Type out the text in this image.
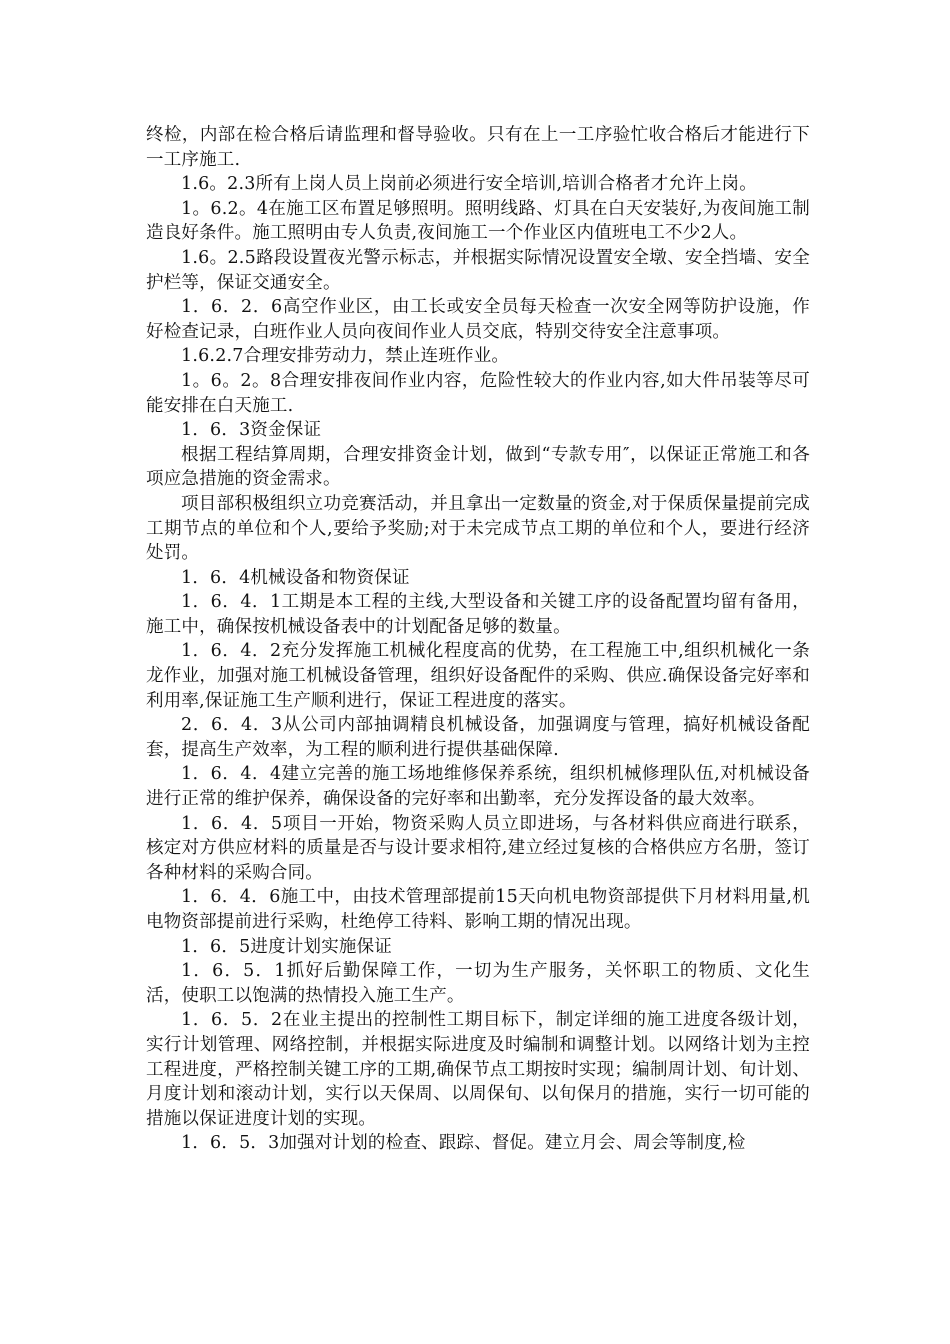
终检，内部在检合格后请监理和督导验收。只有在上一工序验忙收合格后才能进行下一工序施工.

1.6。2.3所有上岗人员上岗前必须进行安全培训,培训合格者才允许上岗。

1。6.2。4在施工区布置足够照明。照明线路、灯具在白天安装好,为夜间施工制造良好条件。施工照明由专人负责,夜间施工一个作业区内值班电工不少2人。

1.6。2.5路段设置夜光警示标志，并根据实际情况设置安全墩、安全挡墙、安全护栏等，保证交通安全。

1．6．2．6高空作业区，由工长或安全员每天检查一次安全网等防护设施，作好检查记录，白班作业人员向夜间作业人员交底，特别交待安全注意事项。

1.6.2.7合理安排劳动力，禁止连班作业。

1。6。2。8合理安排夜间作业内容，危险性较大的作业内容,如大件吊装等尽可能安排在白天施工.

1．6．3资金保证

根据工程结算周期，合理安排资金计划，做到“专款专用″，以保证正常施工和各项应急措施的资金需求。

项目部积极组织立功竞赛活动，并且拿出一定数量的资金,对于保质保量提前完成工期节点的单位和个人,要给予奖励;对于未完成节点工期的单位和个人，要进行经济处罚。

1．6．4机械设备和物资保证

1．6．4．1工期是本工程的主线,大型设备和关键工序的设备配置均留有备用，施工中，确保按机械设备表中的计划配备足够的数量。

1．6．4．2充分发挥施工机械化程度高的优势，在工程施工中,组织机械化一条龙作业，加强对施工机械设备管理，组织好设备配件的采购、供应.确保设备完好率和利用率,保证施工生产顺利进行，保证工程进度的落实。

2．6．4．3从公司内部抽调精良机械设备，加强调度与管理，搞好机械设备配套，提高生产效率，为工程的顺利进行提供基础保障.

1．6．4．4建立完善的施工场地维修保养系统，组织机械修理队伍,对机械设备进行正常的维护保养，确保设备的完好率和出勤率，充分发挥设备的最大效率。

1．6．4．5项目一开始，物资采购人员立即进场，与各材料供应商进行联系，核定对方供应材料的质量是否与设计要求相符,建立经过复核的合格供应方名册，签订各种材料的采购合同。

1．6．4．6施工中，由技术管理部提前15天向机电物资部提供下月材料用量,机电物资部提前进行采购，杜绝停工待料、影响工期的情况出现。

1．6．5进度计划实施保证

1．6．5．1抓好后勤保障工作，一切为生产服务，关怀职工的物质、文化生活，使职工以饱满的热情投入施工生产。

1．6．5．2在业主提出的控制性工期目标下，制定详细的施工进度各级计划，实行计划管理、网络控制，并根据实际进度及时编制和调整计划。以网络计划为主控工程进度，严格控制关键工序的工期,确保节点工期按时实现；编制周计划、旬计划、月度计划和滚动计划，实行以天保周、以周保旬、以旬保月的措施，实行一切可能的措施以保证进度计划的实现。

1．6．5．3加强对计划的检查、跟踪、督促。建立月会、周会等制度,检
